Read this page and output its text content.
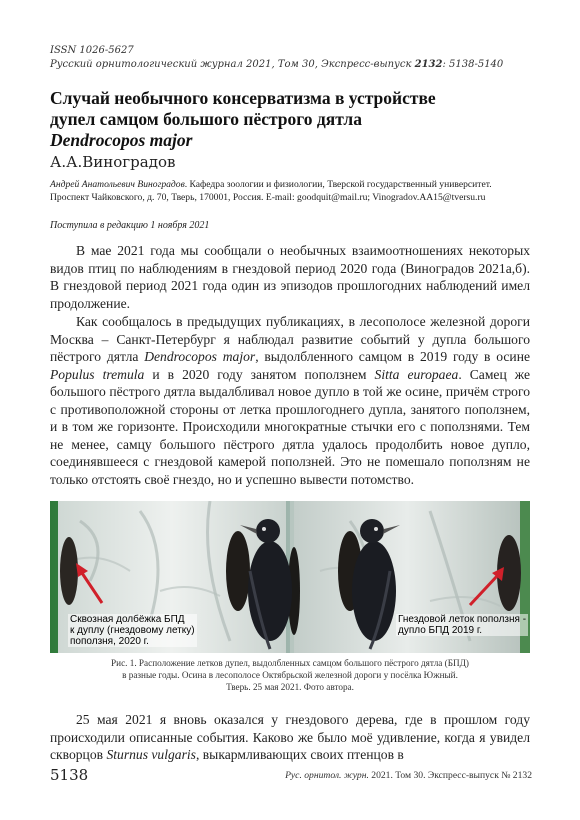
ISSN 1026-5627
Русский орнитологический журнал 2021, Том 30, Экспресс-выпуск 2132: 5138-5140
Случай необычного консерватизма в устройстве
дупел самцом большого пёстрого дятла
Dendrocopos major
А.А.Виноградов
Андрей Анатольевич Виноградов. Кафедра зоологии и физиологии, Тверской государственный университет. Проспект Чайковского, д. 70, Тверь, 170001, Россия. E-mail: goodquit@mail.ru; Vinogradov.AA15@tversu.ru
Поступила в редакцию 1 ноября 2021
В мае 2021 года мы сообщали о необычных взаимоотношениях некоторых видов птиц по наблюдениям в гнездовой период 2020 года (Виноградов 2021а,б). В гнездовой период 2021 года один из эпизодов прошлогодних наблюдений имел продолжение.
Как сообщалось в предыдущих публикациях, в лесополосе железной дороги Москва – Санкт-Петербург я наблюдал развитие событий у дупла большого пёстрого дятла Dendrocopos major, выдолбленного самцом в 2019 году в осине Populus tremula и в 2020 году занятом поползнем Sitta europaea. Самец же большого пёстрого дятла выдалбливал новое дупло в той же осине, причём строго с противоположной стороны от летка прошлогоднего дупла, занятого поползнем, и в том же горизонте. Происходили многократные стычки его с поползнями. Тем не менее, самцу большого пёстрого дятла удалось продолбить новое дупло, соединявшееся с гнездовой камерой поползней. Это не помешало поползням не только отстоять своё гнездо, но и успешно вывести потомство.
Сквозная долбёжка БПД
к дуплу (гнездовому летку)
поползня, 2020 г.
Гнездовой леток поползня -
дупло БПД 2019 г.
Рис. 1. Расположение летков дупел, выдолбленных самцом большого пёстрого дятла (БПД)
в разные годы. Осина в лесополосе Октябрьской железной дороги у посёлка Южный.
Тверь. 25 мая 2021. Фото автора.
25 мая 2021 я вновь оказался у гнездового дерева, где в прошлом году происходили описанные события. Каково же было моё удивление, когда я увидел скворцов Sturnus vulgaris, выкармливающих своих птенцов в
5138	Рус. орнитол. журн. 2021. Том 30. Экспресс-выпуск № 2132
